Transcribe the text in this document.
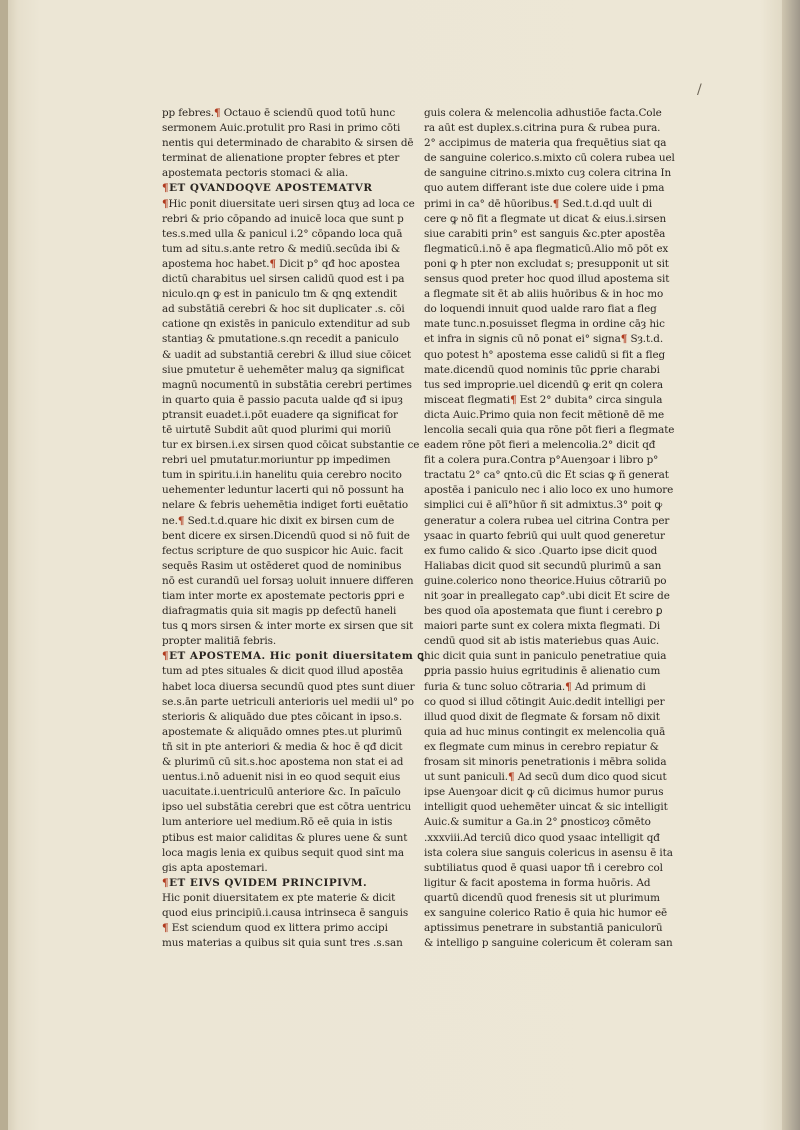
/
pp febres.¶ Octauo ē sciendū quod totū hunc
sermonem Auic.protulit pro Rasi in primo cōti
nentis qui determinado de charabito & sirsen dē
terminat de alienatione propter febres et pter
apostemata pectoris stomaci & alia.
¶ET QVANDOQVE APOSTEMATVR
¶Hic ponit diuersitate ueri sirsen ꝗtuȝ ad loca ce
rebri & prio cōpando ad inuicē loca que sunt p
tes.s.med ulla & panicul i.2° cōpando loca quā
tum ad situ.s.ante retro & mediū.secūda ibi &
apostema hoc habet.¶ Dicit p° qđ hoc apostea
dictū charabitus uel sirsen calidū quod est i pa
niculo.qn ꝙ est in paniculo tm & qnꝗ extendit
ad substātiā cerebri & hoc sit duplicater .s. cōi
catione qn existēs in paniculo extenditur ad sub
stantiaȝ & pmutatione.s.qn recedit a paniculo
& uadit ad substantiā cerebri & illud siue cōicet
siue pmutetur ē uehemēter maluȝ qa significat
magnū nocumentū in substātia cerebri pertimes
in quarto quia ē passio pacuta ualde qđ si ipuȝ
ptransit euadet.i.pōt euadere qa significat for
tē uirtutē Subdit aūt quod plurimi qui moriū
tur ex birsen.i.ex sirsen quod cōicat substantie ce
rebri uel pmutatur.moriuntur pp impedimen
tum in spiritu.i.in hanelitu quia cerebro nocito
uehementer leduntur lacerti qui nō possunt ha
nelare & febris uehemētia indiget forti euētatio
ne.¶ Sed.t.d.quare hic dixit ex birsen cum de
bent dicere ex sirsen.Dicendū quod si nō fuit de
fectus scripture de quo suspicor hic Auic. facit
sequēs Rasim ut ostēderet quod de nominibus
nō est curandū uel forsaȝ uoluit innuere differen
tiam inter morte ex apostemate pectoris ꝑpri e
diafragmatis quia sit magis pp defectū haneli
tus ꝗ mors sirsen & inter morte ex sirsen que sit
propter malitiā febris.
¶ET APOSTEMA. Hic ponit diuersitatem ꝗ
tum ad ptes situales & dicit quod illud apostēa
habet loca diuersa secundū quod ptes sunt diuer
se.s.ān parte uetriculi anterioris uel medii ul° po
sterioris & aliquādo due ptes cōicant in ipso.s.
apostemate & aliquādo omnes ptes.ut plurimū
tñ sit in pte anteriori & media & hoc ē qđ dicit
& plurimū cū sit.s.hoc apostema non stat ei ad
uentus.i.nō aduenit nisi in eo quod sequit eius
uacuitate.i.uentriculū anteriore &c. In paīculo
ipso uel substātia cerebri que est cōtra uentricu
lum anteriore uel medium.Rō eē quia in istis
ptibus est maior caliditas & plures uene & sunt
loca magis lenia ex quibus sequit quod sint ma
gis apta apostemari.
¶ET EIVS QVIDEM PRINCIPIVM.
Hic ponit diuersitatem ex pte materie & dicit
quod eius principiū.i.causa intrinseca ē sanguis
¶ Est sciendum quod ex littera primo accipi
mus materias a quibus sit quia sunt tres .s.san
guis colera & melencolia adhustiōe facta.Cole
ra aūt est duplex.s.citrina pura & rubea pura.
2° accipimus de materia qua frequētius siat qa
de sanguine colerico.s.mixto cū colera rubea uel
de sanguine citrino.s.mixto cuȝ colera citrina In
quo autem differant iste due colere uide i pma
primi in ca° dē hūoribus.¶ Sed.t.d.qd uult di
cere ꝙ nō fit a flegmate ut dicat & eius.i.sirsen
siue carabiti prin° est sanguis &c.pter apostēa
flegmaticū.i.nō ē apa flegmaticū.Alio mō pōt ex
poni ꝙ h pter non excludat s; presupponit ut sit
sensus quod preter hoc quod illud apostema sit
a flegmate sit ēt ab aliis huōribus & in hoc mo
do loquendi innuit quod ualde raro fiat a fleg
mate tunc.n.posuisset flegma in ordine cāȝ hic
et infra in signis cū nō ponat ei° signa¶ Sȝ.t.d.
quo potest h° apostema esse calidū si fit a fleg
mate.dicendū quod nominis tūc ꝑprie charabi
tus sed improprie.uel dicendū ꝙ erit qn colera
misceat flegmati¶ Est 2° dubita° circa singula
dicta Auic.Primo quia non fecit mētionē dē me
lencolia secali quia qua rōne pōt fieri a flegmate
eadem rōne pōt fieri a melencolia.2° dicit qđ
fit a colera pura.Contra p°Auenȝoar i libro p°
tractatu 2° ca° qnto.cū dic Et scias ꝙ ñ generat
apostēa i paniculo nec i alio loco ex uno humore
simplici cui ē alī°hūor ñ sit admixtus.3° poit ꝙ
generatur a colera rubea uel citrina Contra per
ysaac in quarto febriū qui uult quod generetur
ex fumo calido & sico .Quarto ipse dicit quod
Haliabas dicit quod sit secundū plurimū a san
guine.colerico nono theorice.Huius cōtrariū po
nit ȝoar in preallegato cap°.ubi dicit Et scire de
bes quod oīa apostemata que fiunt i cerebro ꝑ
maiori parte sunt ex colera mixta flegmati. Di
cendū quod sit ab istis materiebus quas Auic.
hic dicit quia sunt in paniculo penetratiue quia
ꝑpria passio huius egritudinis ē alienatio cum
furia & tunc soluo cōtraria.¶ Ad primum di
co quod si illud cōtingit Auic.dedit intelligi per
illud quod dixit de flegmate & forsam nō dixit
quia ad huc minus contingit ex melencolia quā
ex flegmate cum minus in cerebro repiatur &
frosam sit minoris penetrationis i mēbra solida
ut sunt paniculi.¶ Ad secū dum dico quod sicut
ipse Auenȝoar dicit ꝙ cū dicimus humor purus
intelligit quod uehemēter uincat & sic intelligit
Auic.& sumitur a Ga.in 2° ꝑnosticoȝ cōmēto
.xxxviii.Ad terciū dico quod ysaac intelligit qđ
ista colera siue sanguis colericus in asensu ē ita
subtiliatus quod ē quasi uapor tñ i cerebro col
ligitur & facit apostema in forma huōris. Ad
quartū dicendū quod frenesis sit ut plurimum
ex sanguine colerico Ratio ē quia hic humor eē
aptissimus penetrare in substantiā paniculorū
& intelligo p sanguine colericum ēt coleram san
